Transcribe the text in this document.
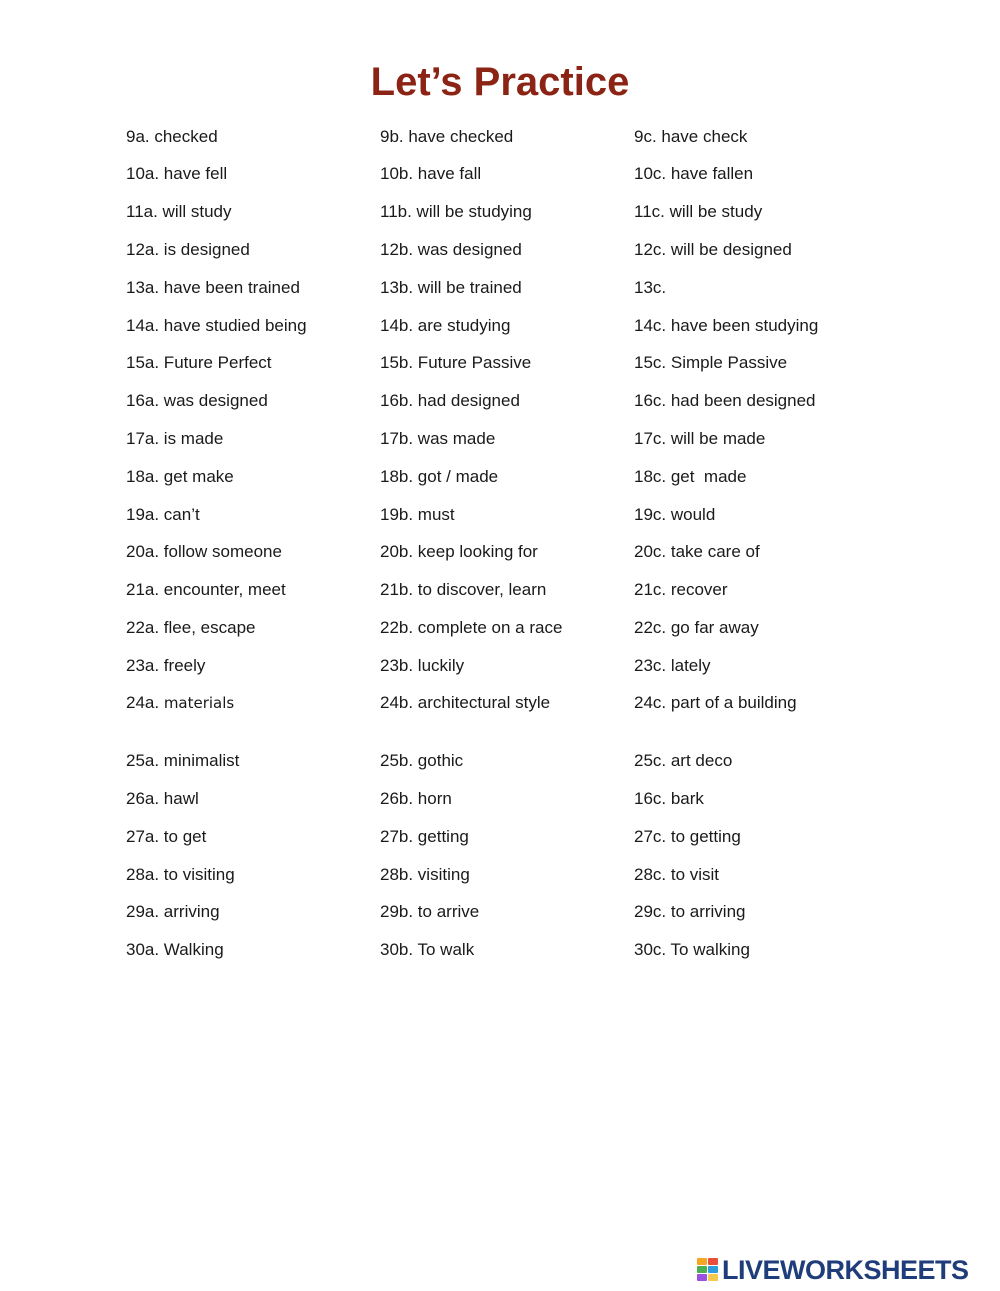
Let’s Practice
9a. checked	9b. have checked	9c. have check
10a. have fell	10b. have fall	10c. have fallen
11a. will study	11b. will be studying	11c. will be study
12a. is designed	12b. was designed	12c. will be designed
13a. have been trained	13b. will be trained	13c.
14a. have studied being	14b. are studying	14c. have been studying
15a. Future Perfect	15b. Future Passive	15c. Simple Passive
16a. was designed	16b. had designed	16c. had been designed
17a. is made	17b. was made	17c. will be made
18a. get make	18b. got / made	18c. get  made
19a. can’t	19b. must	19c. would
20a. follow someone	20b. keep looking for	20c. take care of
21a. encounter, meet	21b. to discover, learn	21c. recover
22a. flee, escape	22b. complete on a race	22c. go far away
23a. freely	23b. luckily	23c. lately
24a. materials	24b. architectural style	24c. part of a building
25a. minimalist	25b. gothic	25c. art deco
26a. hawl	26b. horn	16c. bark
27a. to get	27b. getting	27c. to getting
28a. to visiting	28b. visiting	28c. to visit
29a. arriving	29b. to arrive	29c. to arriving
30a. Walking	30b. To walk	30c. To walking
LIVEWORKSHEETS
